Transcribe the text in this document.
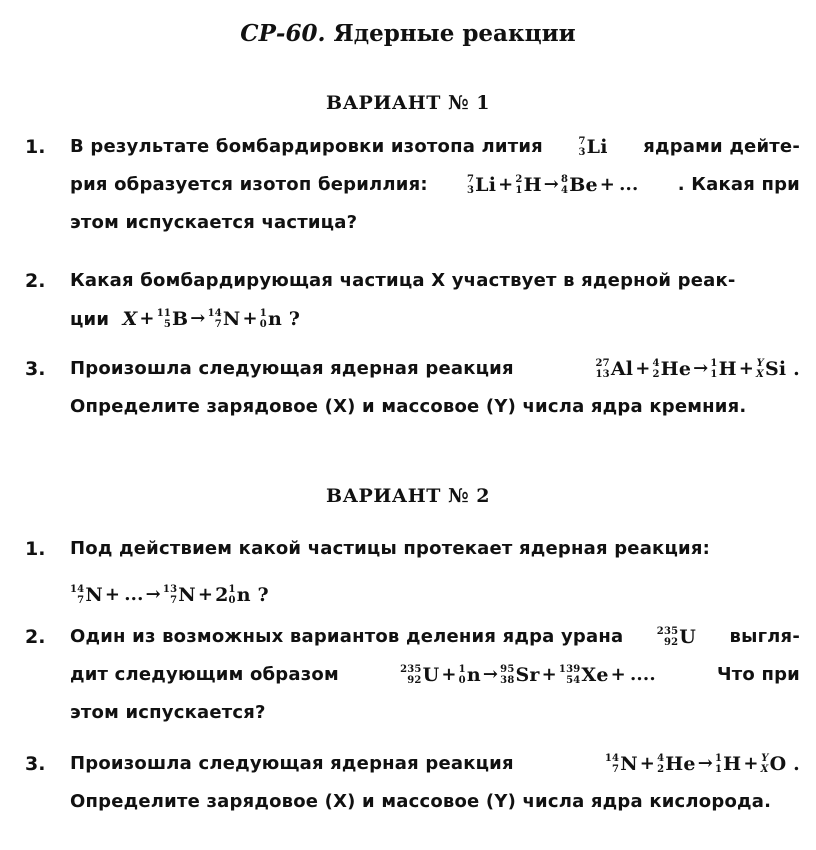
СР-60. Ядерные реакции
ВАРИАНТ № 1
1. В результате бомбардировки изотопа лития	7
3 Li ядрами дейте-
рия образуется изотоп бериллия:	7
3 Li + 2
1 H → 8
4 Be + ... . Какая при
этом испускается частица?
2. Какая бомбардирующая частица X участвует в ядерной реак-
ции X + 11
5 B → 14
7 N + 1
0 n ?
3. Произошла следующая ядерная реакция	27
13 Al + 4
2 He → 1
1 H + Y
X Si .
Определите зарядовое (X) и массовое (Y) числа ядра кремния.
ВАРИАНТ № 2
1. Под действием какой частицы протекает ядерная реакция:
14
7 N + ... → 13
7 N + 2 1
0 n ?
2. Один из возможных вариантов деления ядра урана	235
92 U выгля-
дит следующим образом	235
92 U + 1
0 n → 95
38 Sr + 139
54 Xe + ....	Что при
этом испускается?
3. Произошла следующая ядерная реакция	14
7 N + 4
2 He → 1
1 H + Y
X O .
Определите зарядовое (X) и массовое (Y) числа ядра кислорода.
